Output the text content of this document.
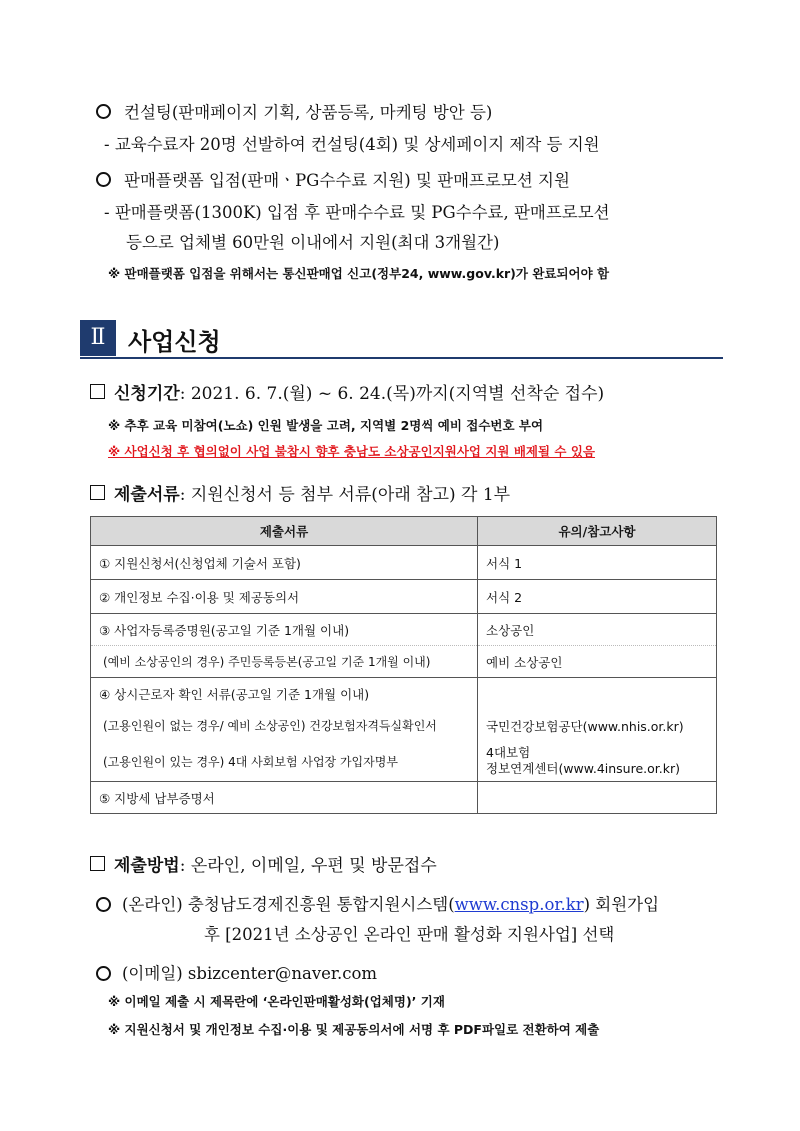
컨설팅(판매페이지 기획, 상품등록, 마케팅 방안 등)
- 교육수료자 20명 선발하여 컨설팅(4회) 및 상세페이지 제작 등 지원
판매플랫폼 입점(판매ㆍPG수수료 지원) 및 판매프로모션 지원
- 판매플랫폼(1300K) 입점 후 판매수수료 및 PG수수료, 판매프로모션
등으로 업체별 60만원 이내에서 지원(최대 3개월간)
※ 판매플랫폼 입점을 위해서는 통신판매업 신고(정부24, www.gov.kr)가 완료되어야 함
Ⅱ 사업신청
신청기간: 2021. 6. 7.(월) ~ 6. 24.(목)까지(지역별 선착순 접수)
※ 추후 교육 미참여(노쇼) 인원 발생을 고려, 지역별 2명씩 예비 접수번호 부여
※ 사업신청 후 협의없이 사업 불참시 향후 충남도 소상공인지원사업 지원 배제될 수 있음
제출서류: 지원신청서 등 첨부 서류(아래 참고) 각 1부
제출서류	유의/참고사항
① 지원신청서(신청업체 기술서 포함)	서식 1
② 개인정보 수집·이용 및 제공동의서	서식 2
③ 사업자등록증명원(공고일 기준 1개월 이내)	소상공인
(예비 소상공인의 경우) 주민등록등본(공고일 기준 1개월 이내)	예비 소상공인
④ 상시근로자 확인 서류(공고일 기준 1개월 이내)	
(고용인원이 없는 경우/ 예비 소상공인) 건강보험자격득실확인서	국민건강보험공단(www.nhis.or.kr)
(고용인원이 있는 경우) 4대 사회보험 사업장 가입자명부	4대보험
정보연계센터(www.4insure.or.kr)

⑤ 지방세 납부증명서	
제출방법: 온라인, 이메일, 우편 및 방문접수
(온라인) 충청남도경제진흥원 통합지원시스템(www.cnsp.or.kr) 회원가입
후 [2021년 소상공인 온라인 판매 활성화 지원사업] 선택
(이메일) sbizcenter@naver.com
※ 이메일 제출 시 제목란에 ‘온라인판매활성화(업체명)’ 기재
※ 지원신청서 및 개인정보 수집·이용 및 제공동의서에 서명 후 PDF파일로 전환하여 제출
